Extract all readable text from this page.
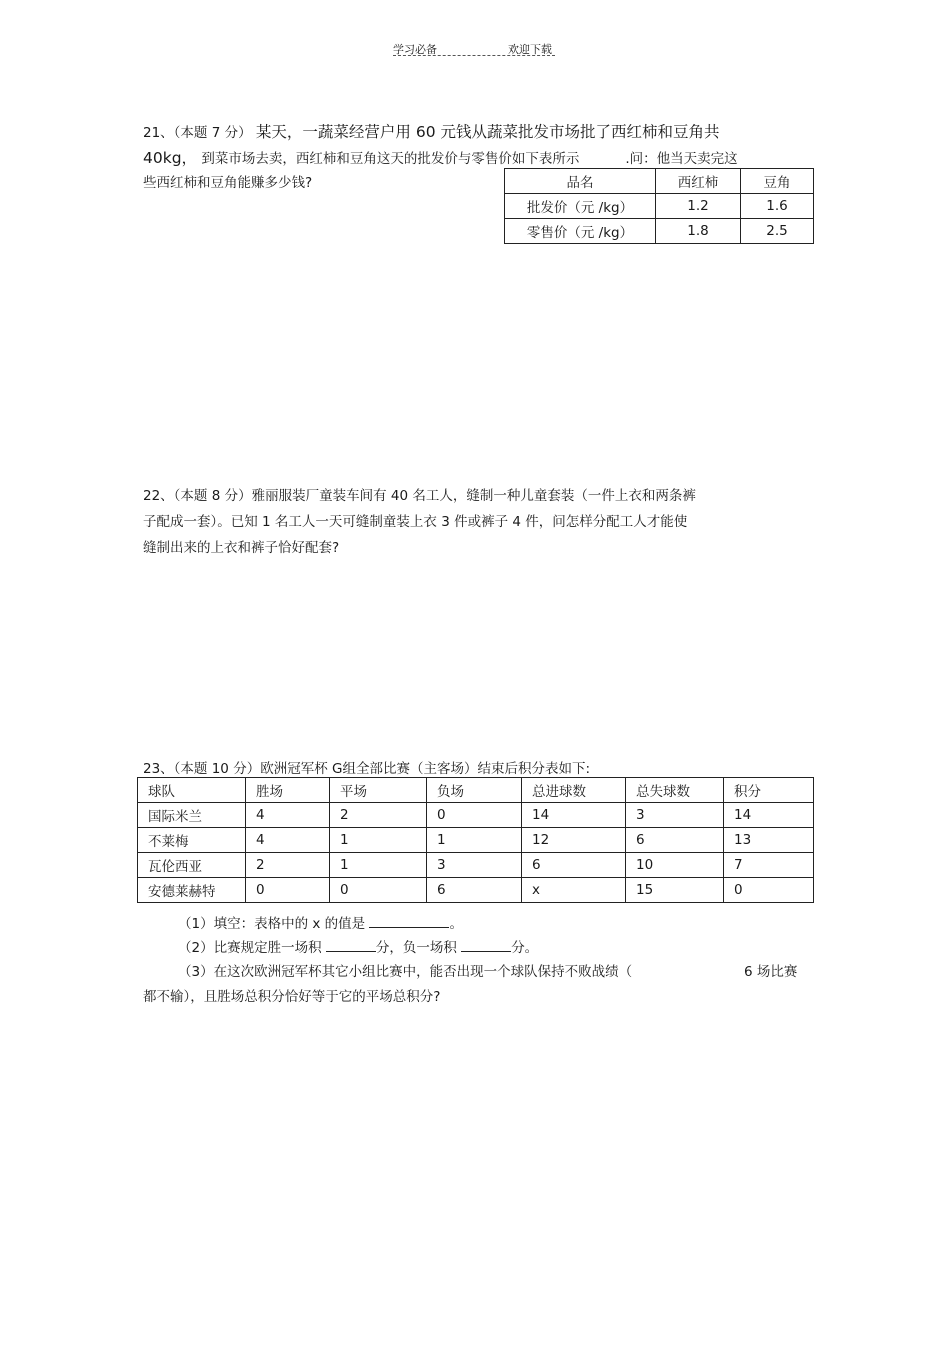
学习必备	欢迎下载
21、（本题 7 分） 某天，一蔬菜经营户用 60 元钱从蔬菜批发市场批了西红柿和豆角共
40kg， 到菜市场去卖，西红柿和豆角这天的批发价与零售价如下表所示	.问：他当天卖完这
些西红柿和豆角能赚多少钱?	品名	西红柿	豆角
批发价（元 /kg）	1.2	1.6
零售价（元 /kg）	1.8	2.5
22、（本题 8 分）雅丽服装厂童装车间有 40 名工人，缝制一种儿童套装（一件上衣和两条裤
子配成一套）。已知 1 名工人一天可缝制童装上衣 3 件或裤子 4 件，问怎样分配工人才能使
缝制出来的上衣和裤子恰好配套?
23、（本题 10 分）欧洲冠军杯 G组全部比赛（主客场）结束后积分表如下:
球队	胜场	平场	负场	总进球数	总失球数	积分
国际米兰	4	2	0	14	3	14
不莱梅	4	1	1	12	6	13
瓦伦西亚	2	1	3	6	10	7
安德莱赫特	0	0	6	x	15	0
（1）填空：表格中的 x 的值是	。
（2）比赛规定胜一场积	分，负一场积	分。
（3）在这次欧洲冠军杯其它小组比赛中，能否出现一个球队保持不败战绩（	6 场比赛
都不输），且胜场总积分恰好等于它的平场总积分?
